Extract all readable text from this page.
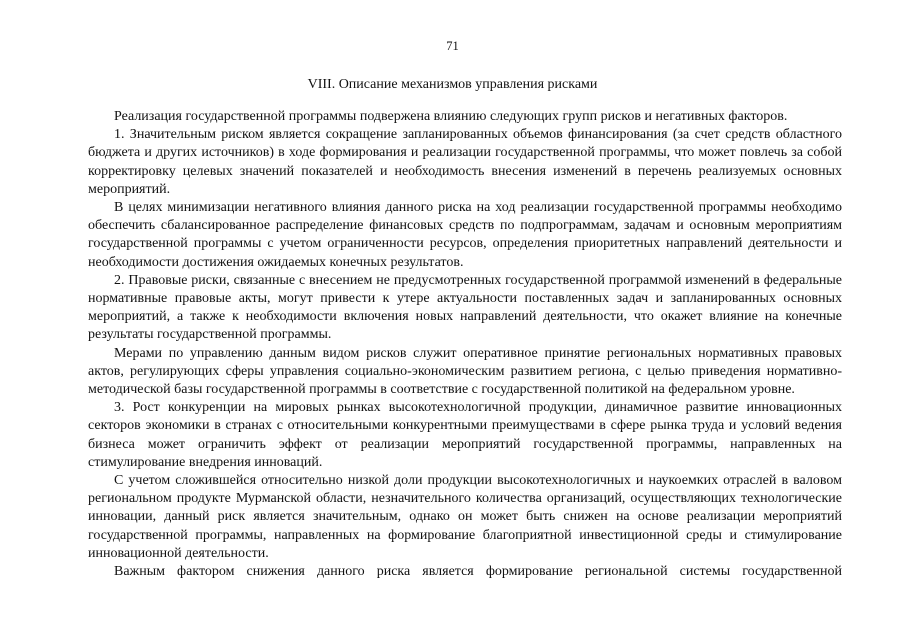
71
VIII. Описание механизмов управления рисками

Реализация государственной программы подвержена влиянию следующих групп рисков и негативных факторов.

1. Значительным риском является сокращение запланированных объемов финансирования (за счет средств областного бюджета и других источников) в ходе формирования и реализации государственной программы, что может повлечь за собой корректировку целевых значений показателей и необходимость внесения изменений в перечень реализуемых основных мероприятий.

В целях минимизации негативного влияния данного риска на ход реализации государственной программы необходимо обеспечить сбалансированное распределение финансовых средств по подпрограммам, задачам и основным мероприятиям государственной программы с учетом ограниченности ресурсов, определения приоритетных направлений деятельности и необходимости достижения ожидаемых конечных результатов.

2. Правовые риски, связанные с внесением не предусмотренных государственной программой изменений в федеральные нормативные правовые акты, могут привести к утере актуальности поставленных задач и запланированных основных мероприятий, а также к необходимости включения новых направлений деятельности, что окажет влияние на конечные результаты государственной программы.

Мерами по управлению данным видом рисков служит оперативное принятие региональных нормативных правовых актов, регулирующих сферы управления социально-экономическим развитием региона, с целью приведения нормативно-методической базы государственной программы в соответствие с государственной политикой на федеральном уровне.

3. Рост конкуренции на мировых рынках высокотехнологичной продукции, динамичное развитие инновационных секторов экономики в странах с относительными конкурентными преимуществами в сфере рынка труда и условий ведения бизнеса может ограничить эффект от реализации мероприятий государственной программы, направленных на стимулирование внедрения инноваций.

С учетом сложившейся относительно низкой доли продукции высокотехнологичных и наукоемких отраслей в валовом региональном продукте Мурманской области, незначительного количества организаций, осуществляющих технологические инновации, данный риск является значительным, однако он может быть снижен на основе реализации мероприятий государственной программы, направленных на формирование благоприятной инвестиционной среды и стимулирование инновационной деятельности.

Важным фактором снижения данного риска является формирование региональной системы государственной
